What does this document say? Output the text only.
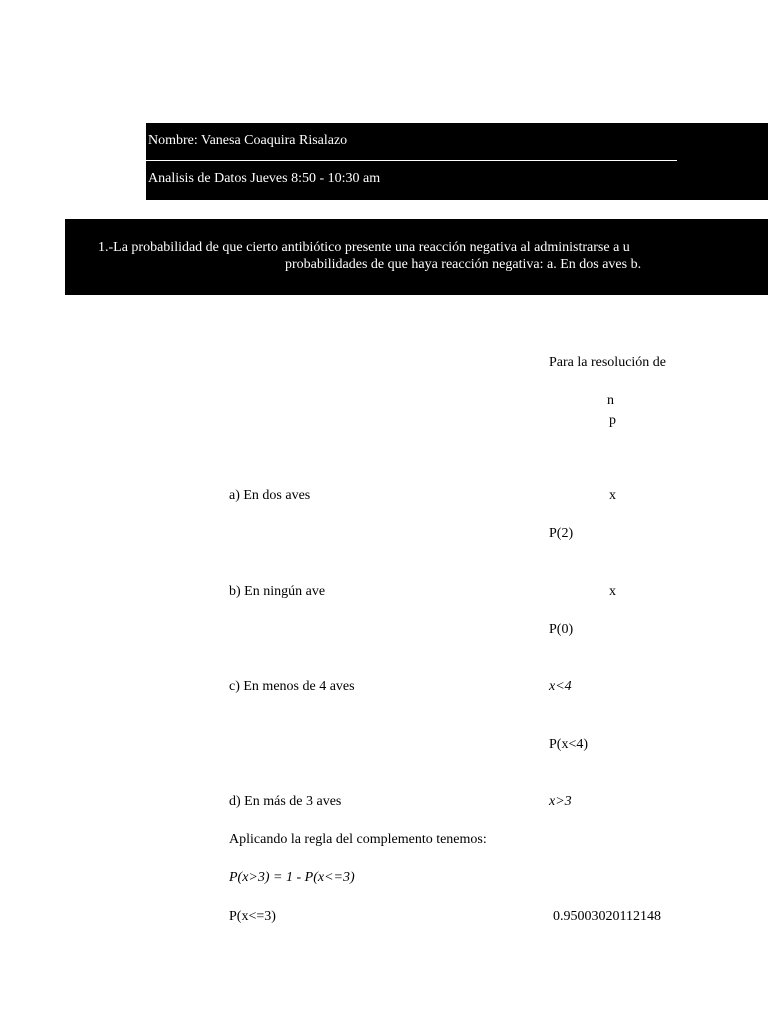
Nombre: Vanesa Coaquira Risalazo
Analisis de Datos Jueves 8:50 - 10:30 am
1.-La probabilidad de que cierto antibiótico presente una reacción negativa al administrarse a u
probabilidades de que haya reacción negativa: a. En dos aves b.
Para la resolución de
n
p
a) En dos aves	x
P(2)
b) En ningún ave	x
P(0)
c) En menos de 4 aves	x<4
P(x<4)
d) En más de 3 aves	x>3
Aplicando la regla del complemento tenemos:
P(x>3) = 1 - P(x<=3)
P(x<=3)	0.95003020112148
